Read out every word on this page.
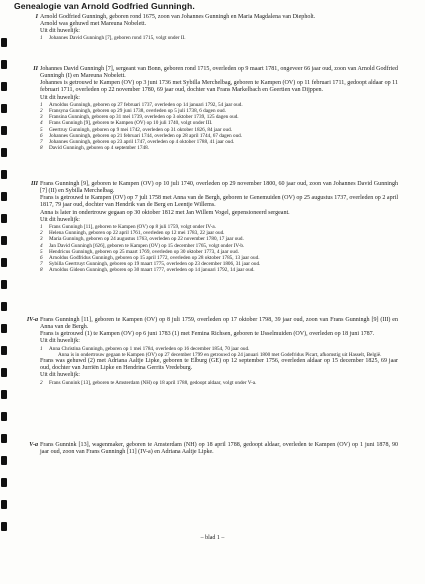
Genealogie van Arnold Godfried Gunningh.
I Arnold Godfried Gunningh, geboren rond 1675, zoon van Johannes Gunningh en Maria Magdalena van Diepholt.

Arnold was gehuwd met Mareuna Nobelett.

Uit dit huwelijk:

1 Johannes David Gunningh [7], geboren rond 1715, volgt onder II.
II Johannes David Gunningh [7], sergeant van Bonn, geboren rond 1715, overleden op 9 maart 1781, ongeveer 66 jaar oud, zoon van Arnold Godfried Gunningh (I) en Mareuna Nobelett.

Johannes is getrouwd te Kampen (OV) op 3 juni 1736 met Sybilla Merchelbag, geboren te Kampen (OV) op 11 februari 1711, gedoopt aldaar op 11 februari 1711, overleden op 22 november 1780, 69 jaar oud, dochter van Frans Markelbach en Geertien van Dijppen.

Uit dit huwelijk:

1 Arnoldus Gunningh, geboren op 27 februari 1737, overleden op 14 januari 1792, 54 jaar oud.
2 Fransyna Gunningh, geboren op 29 juni 1738, overleden op 5 juli 1738, 6 dagen oud.
3 Fransina Gunningh, geboren op 31 mei 1739, overleden op 3 oktober 1739, 125 dagen oud.
4 Frans Gunningh [9], geboren te Kampen (OV) op 10 juli 1740, volgt onder III.
5 Geertruy Gunningh, geboren op 9 mei 1742, overleden op 31 oktober 1826, 84 jaar oud.
6 Johannes Gunningh, geboren op 21 februari 1744, overleden op 28 april 1744, 67 dagen oud.
7 Johannes Gunningh, geboren op 23 april 1747, overleden op 4 oktober 1788, 41 jaar oud.
8 David Gunningh, geboren op 4 september 1748.
III Frans Gunningh [9], geboren te Kampen (OV) op 10 juli 1740, overleden op 29 november 1800, 60 jaar oud, zoon van Johannes David Gunningh [7] (II) en Sybilla Merchelbag.

Frans is getrouwd te Kampen (OV) op 7 juli 1758 met Anna van de Bergh, geboren te Genemuiden (OV) op 25 augustus 1737, overleden op 2 april 1817, 79 jaar oud, dochter van Hendrik van de Berg en Leentje Willems.

Anna is later in ondertrouw gegaan op 30 oktober 1812 met Jan Willem Vogel, gepensioneerd sergeant.

Uit dit huwelijk:

1 Frans Gunningh [11], geboren te Kampen (OV) op 8 juli 1759, volgt onder IV-a.
2 Helena Gunningh, geboren op 22 april 1761, overleden op 12 mei 1783, 22 jaar oud.
3 Maria Gunningh, geboren op 24 augustus 1763, overleden op 22 november 1780, 17 jaar oud.
4 Jan David Gunningh [626], geboren te Kampen (OV) op 15 december 1765, volgt onder IV-b.
5 Hendricus Gunningh, geboren op 25 maart 1769, overleden op 30 oktober 1773, 4 jaar oud.
6 Arnoldus Godfridus Gunningh, geboren op 15 april 1772, overleden op 28 oktober 1785, 13 jaar oud.
7 Sybilla Geertruyt Gunningh, geboren op 19 maart 1775, overleden op 23 december 1806, 31 jaar oud.
8 Arnoldus Gideon Gunningh, geboren op 30 maart 1777, overleden op 14 januari 1792, 14 jaar oud.
IV-a Frans Gunningh [11], geboren te Kampen (OV) op 8 juli 1759, overleden op 17 oktober 1798, 39 jaar oud, zoon van Frans Gunningh [9] (III) en Anna van de Bergh.

Frans is getrouwd (1) te Kampen (OV) op 6 juni 1783 (1) met Femina Richsen, geboren te IJsselmuiden (OV), overleden op 18 juni 1787.

Uit dit huwelijk:

1 Anna Christina Gunningh, geboren op 1 mei 1784, overleden op 16 december 1854, 70 jaar oud.
Anna is in ondertrouw gegaan te Kampen (OV) op 27 december 1799 en getrouwd op 24 januari 1800 met Godefridus Picart, afkomstig uit Hasselt, België.

Frans was gehuwd (2) met Adriana Aaltje Lipke, geboren te Elburg (GE) op 12 september 1756, overleden aldaar op 15 december 1825, 69 jaar oud, dochter van Jurriën Lipke en Hendrina Gerrits Vredeburg.

Uit dit huwelijk:

2 Frans Gunnink [13], geboren te Amsterdam (NH) op 18 april 1788, gedoopt aldaar, volgt onder V-a.
V-a Frans Gunnink [13], wagenmaker, geboren te Amsterdam (NH) op 18 april 1788, gedoopt aldaar, overleden te Kampen (OV) op 1 juni 1878, 90 jaar oud, zoon van Frans Gunningh [11] (IV-a) en Adriana Aaltje Lipke.

– blad 1 –
